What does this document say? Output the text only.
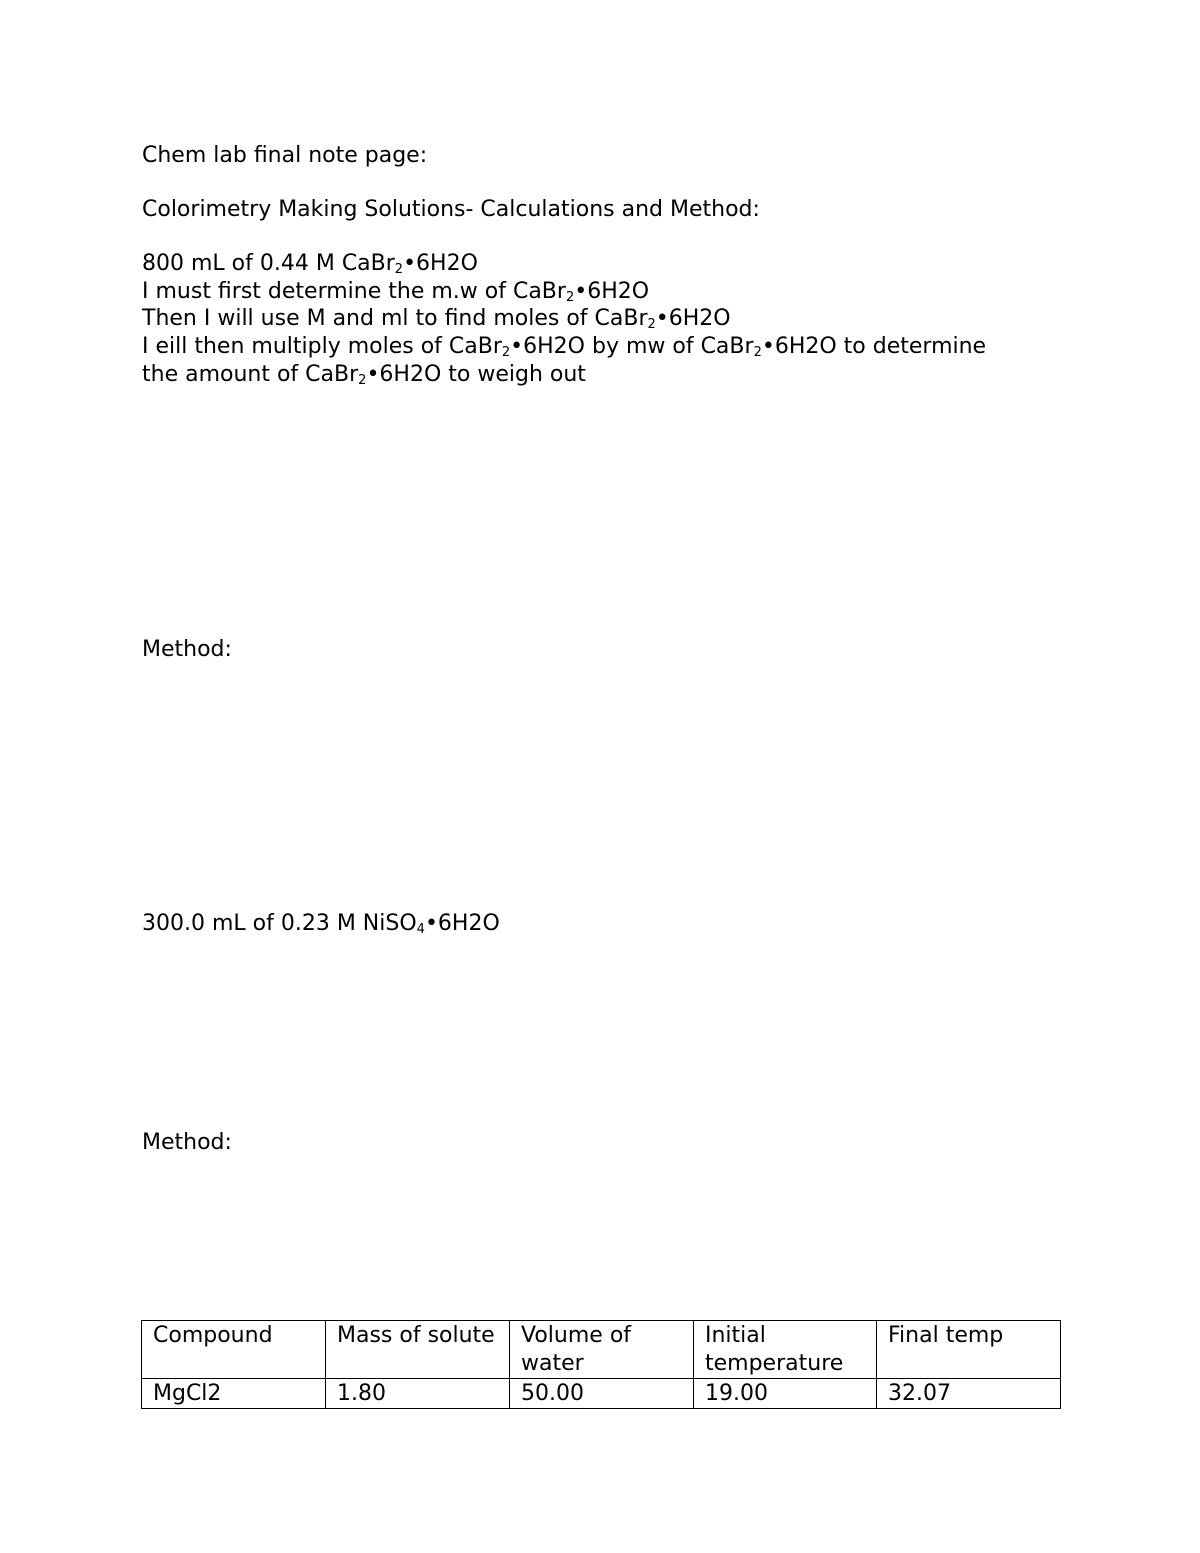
Chem lab final note page:
Colorimetry Making Solutions- Calculations and Method:
800 mL of 0.44 M CaBr$_2$•6H2O
I must first determine the m.w of CaBr$_2$•6H2O
Then I will use M and ml to find moles of CaBr$_2$•6H2O
I eill then multiply moles of CaBr$_2$•6H2O by mw of CaBr$_2$•6H2O to determine
the amount of CaBr$_2$•6H2O to weigh out
Method:
300.0 mL of 0.23 M NiSO$_4$•6H2O
Method:
Compound	Mass of solute	Volume of water	Initial temperature	Final temp
MgCl2	1.80	50.00	19.00	32.07
